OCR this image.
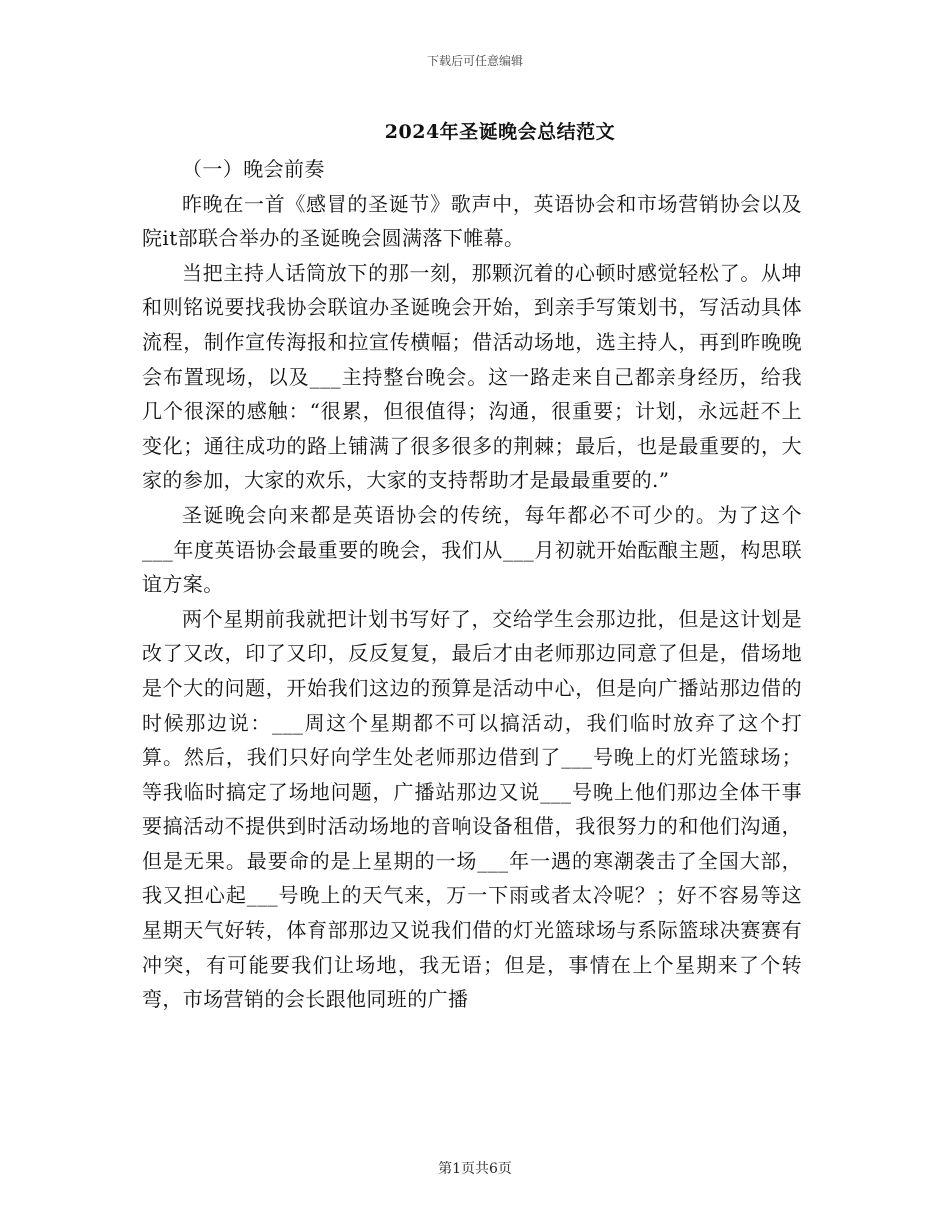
下载后可任意编辑
2024年圣诞晚会总结范文

（一）晚会前奏

昨晚在一首《感冒的圣诞节》歌声中，英语协会和市场营销协会以及院it部联合举办的圣诞晚会圆满落下帷幕。

当把主持人话筒放下的那一刻，那颗沉着的心顿时感觉轻松了。从坤和则铭说要找我协会联谊办圣诞晚会开始，到亲手写策划书，写活动具体流程，制作宣传海报和拉宣传横幅；借活动场地，选主持人，再到昨晚晚会布置现场，以及___主持整台晚会。这一路走来自己都亲身经历，给我几个很深的感触：“很累，但很值得；沟通，很重要；计划，永远赶不上变化；通往成功的路上铺满了很多很多的荆棘；最后，也是最重要的，大家的参加，大家的欢乐，大家的支持帮助才是最最重要的.”

圣诞晚会向来都是英语协会的传统，每年都必不可少的。为了这个___年度英语协会最重要的晚会，我们从___月初就开始酝酿主题，构思联谊方案。

两个星期前我就把计划书写好了，交给学生会那边批，但是这计划是改了又改，印了又印，反反复复，最后才由老师那边同意了但是，借场地是个大的问题，开始我们这边的预算是活动中心，但是向广播站那边借的时候那边说：___周这个星期都不可以搞活动，我们临时放弃了这个打算。然后，我们只好向学生处老师那边借到了___号晚上的灯光篮球场；等我临时搞定了场地问题，广播站那边又说___号晚上他们那边全体干事要搞活动不提供到时活动场地的音响设备租借，我很努力的和他们沟通，但是无果。最要命的是上星期的一场___年一遇的寒潮袭击了全国大部，我又担心起___号晚上的天气来，万一下雨或者太冷呢？；好不容易等这星期天气好转，体育部那边又说我们借的灯光篮球场与系际篮球决赛赛有冲突，有可能要我们让场地，我无语；但是，事情在上个星期来了个转弯，市场营销的会长跟他同班的广播

第1页共6页
